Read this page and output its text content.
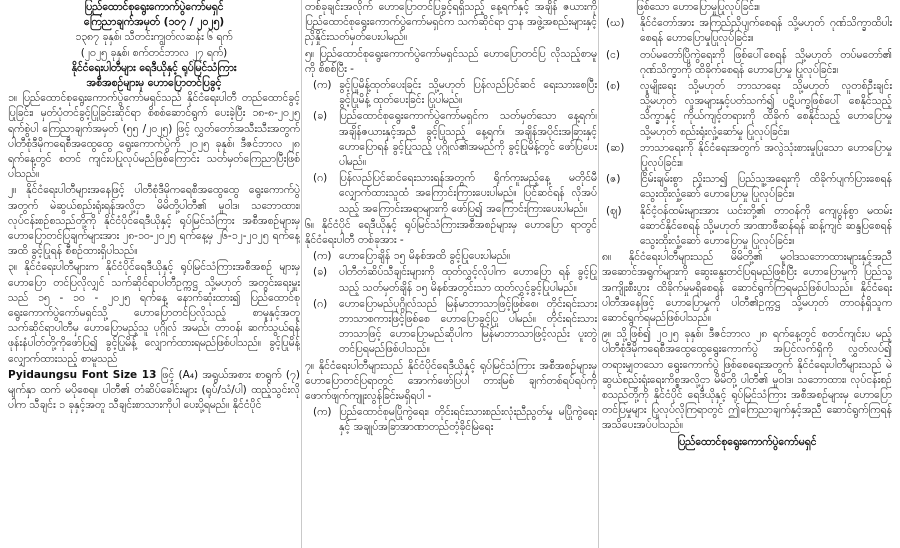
ပြည်ထောင်စုရွေးကောက်ပွဲကော်မရှင်
ကြေညာချက်အမှတ် (၁၀၇ / ၂၀၂၅)
၁၃၈၇ ခုနှစ်၊ သီတင်းကျွတ်လဆန်း ၆ ရက်
(၂၀၂၅ ခုနှစ်၊ စက်တင်ဘာလ ၂၇ ရက်)
နိုင်ငံရေးပါတီများ ရေဒီယိုနှင့် ရုပ်မြင်သံကြား
အစီအစဉ်များမှ ဟောပြောတင်ပြခွင့်

၁။ ပြည်ထောင်စုရွေးကောက်ပွဲကော်မရှင်သည် နိုင်ငံရေးပါတီ တည်ထောင်ခွင့်ပြုခြင်း၊ မှတ်ပုံတင်ခွင့်ပြုခြင်းဆိုင်ရာ စိစစ်ဆောင်ရွက် ပေးခဲ့ပြီး ၁၈-၈-၂၀၂၅ ရက်စွဲပါ ကြေညာချက်အမှတ် (၅၅ /၂၀၂၅) ဖြင့် လွှတ်တော်အသီးသီးအတွက် ပါတီစုံဒီမိုကရေစီအထွေထွေ ရွေးကောက်ပွဲကို ၂၀၂၅ ခုနှစ်၊ ဒီဇင်ဘာလ ၂၈ ရက်နေ့တွင် စတင် ကျင်းပပြုလုပ်မည်ဖြစ်ကြောင်း သတ်မှတ်ကြေညာပြီးဖြစ်ပါသည်။

၂။ နိုင်ငံရေးပါတီများအနေဖြင့် ပါတီစုံဒီမိုကရေစီအထွေထွေ ရွေးကောက်ပွဲအတွက် မဲဆွယ်စည်းရုံးရန်အလို့ငှာ မိမိတို့ပါတီ၏ မူဝါဒ၊ သဘောထား၊ လုပ်ငန်းစဉ်စသည်တို့ကို နိုင်ငံပိုင်ရေဒီယိုနှင့် ရုပ်မြင်သံကြား အစီအစဉ်များမှ ဟောပြောတင်ပြချက်များအား ၂၈-၁၀-၂၀၂၅ ရက်နေ့မှ ၂၆-၁၂-၂၀၂၅ ရက်နေ့အထိ ခွင့်ပြုရန် စီစဉ်ထားရှိပါသည်။

၃။ နိုင်ငံရေးပါတီများက နိုင်ငံပိုင်ရေဒီယိုနှင့် ရုပ်မြင်သံကြားအစီအစဉ် များမှ ဟောပြော တင်ပြလိုလျှင် သက်ဆိုင်ရာပါတီဥက္ကဋ္ဌ သို့မဟုတ် အတွင်းရေးမှူးသည် ၁၅ - ၁၀ - ၂၀၂၅ ရက်နေ့ နောက်ဆုံးထား၍ ပြည်ထောင်စုရွေးကောက်ပွဲကော်မရှင်သို့ ဟောပြောတင်ပြလိုသည့် စာမူနှင့်အတူ သက်ဆိုင်ရာပါတီမှ ဟောပြောမည့်သူ ပုဂ္ဂိုလ် အမည်၊ တာဝန်၊ ဆက်သွယ်ရန် ဖုန်းနံပါတ်တို့ကိုဖော်ပြ၍ ခွင့်ပြုမိန့် လျှောက်ထားရမည်ဖြစ်ပါသည်။ ခွင့်ပြုမိန့် လျှောက်ထားသည့် စာမူသည်

Pyidaungsu Font Size 13 ဖြင့် (A₄) အရွယ်အစား စာရွက် (၇) မျက်နှာ ထက် မပိုစေရ။ ပါတီ၏ တံဆိပ်ခေါင်းများ (ရုပ်/သံ/ပါ) ထည့်သွင်းလိုပါက သီချင်း ၁ ခုနှင့်အတူ သီချင်းစာသားကိုပါ ပေးပို့ရမည်။ နိုင်ငံပိုင်

တစ်ခုချင်းအလိုက် ဟောပြောတင်ပြခွင့်ရရှိသည့် နေ့ရက်နှင့် အချိန် ဇယားကို ပြည်ထောင်စုရွေးကောက်ပွဲကော်မရှင်က သက်ဆိုင်ရာ ဌာန အဖွဲ့အစည်းများနှင့် ညှိနှိုင်းသတ်မှတ်ပေးပါမည်။

၅။ ပြည်ထောင်စုရွေးကောက်ပွဲကော်မရှင်သည် ဟောပြောတင်ပြ လိုသည့်စာမူကို စိစစ်ပြီး -

(က) ခွင့်ပြုမိန့်ထုတ်ပေးခြင်း သို့မဟုတ် ပြန်လည်ပြင်ဆင် ရေးသားစေပြီး ခွင့်ပြုမိန့် ထုတ်ပေးခြင်း ပြုပါမည်။
(ခ)	ပြည်ထောင်စုရွေးကောက်ပွဲကော်မရှင်က သတ်မှတ်သော နေ့ရက်၊ အချိန်ဇယားနှင့်အညီ ခွင့်ပြုသည့် နေ့ရက်၊ အချိန်အပိုင်းအခြားနှင့် ဟောပြောရန် ခွင့်ပြုသည့် ပုဂ္ဂိုလ်၏အမည်ကို ခွင့်ပြုမိန့်တွင် ဖော်ပြပေးပါမည်။
(ဂ)	ပြန်လည်ပြင်ဆင်ရေးသားရန်အတွက် ရိုက်ကူးမည့်နေ့ မတိုင်မီ လျှောက်ထားသူထံ အကြောင်းကြားပေးပါမည်။ ပြင်ဆင်ရန် လိုအပ်သည့် အကြောင်းအရာများကို ဖော်ပြ၍ အကြောင်းကြားပေးပါမည်။

၆။ နိုင်ငံပိုင် ရေဒီယိုနှင့် ရုပ်မြင်သံကြားအစီအစဉ်များမှ ဟောပြော ရာတွင် နိုင်ငံရေးပါတီ တစ်ခုအား -

(က) ဟောပြောချိန် ၁၅ မိနစ်အထိ ခွင့်ပြုပေးပါမည်။
(ခ)	ပါတီတံဆိပ်သီချင်းများကို ထုတ်လွှင့်လိုပါက ဟောပြော ရန် ခွင့်ပြုသည့် သတ်မှတ်ချိန် ၁၅ မိနစ်အတွင်းသာ ထုတ်လွှင့်ခွင့်ပြုပါမည်။
(ဂ)	ဟောပြောမည်ပုဂ္ဂိုလ်သည် မြန်မာဘာသာဖြင့်ဖြစ်စေ၊ တိုင်းရင်းသားဘာသာစကားဖြင့်ဖြစ်စေ ဟောပြောခွင့်ပြု ပါမည်။ တိုင်းရင်းသားဘာသာဖြင့် ဟောပြောမည်ဆိုပါက မြန်မာဘာသာဖြင့်လည်း ပူးတွဲတင်ပြရမည်ဖြစ်ပါသည်။

၇။ နိုင်ငံရေးပါတီများသည် နိုင်ငံပိုင်ရေဒီယိုနှင့် ရုပ်မြင်သံကြား အစီအစဉ်များမှ ဟောပြောတင်ပြရာတွင် အောက်ဖော်ပြပါ တားမြစ် ချက်တစ်ရပ်ရပ်ကို ဖောက်ဖျက်ကျူးလွန်ခြင်းမရှိရပါ -

(က) ပြည်ထောင်စုမပြိုကွဲရေး၊ တိုင်းရင်းသားစည်းလုံးညီညွတ်မှု မပြိုကွဲရေးနှင့် အချုပ်အခြာအာဏာတည်တံ့ခိုင်မြဲရေး

ဖြစ်သော ဟောပြောမှုပြုလုပ်ခြင်း။

(ဃ)	နိုင်ငံတော်အား အကြည်ညိုပျက်စေရန် သို့မဟုတ် ဂုဏ်သိက္ခာထိပါးစေရန် ဟောပြောမှုပြုလုပ်ခြင်း။
(င)	တပ်မတော်ပြိုကွဲရေးကို ဖြစ်ပေါ်စေရန် သို့မဟုတ် တပ်မတော်၏ ဂုဏ်သိက္ခာကို ထိခိုက်စေရန် ဟောပြောမှု ပြုလုပ်ခြင်း။
(စ)	လူမျိုးရေး သို့မဟုတ် ဘာသာရေး သို့မဟုတ် လူတစ်ဦးချင်း သို့မဟုတ် လူအများနှင့်ပတ်သက်၍ ပဋိပက္ခဖြစ်ပေါ် စေနိုင်သည့် သိက္ခာနှင့် ကိုယ်ကျင့်တရားကို ထိခိုက် စေနိုင်သည့် ဟောပြောမှု သို့မဟုတ် စည်းရုံးလှုံ့ဆော်မှု ပြုလုပ်ခြင်း။
(ဆ)	ဘာသာရေးကို နိုင်ငံရေးအတွက် အလွဲသုံးစားမှုပြုသော ဟောပြောမှုပြုလုပ်ခြင်း။
(ဇ)	ငြိမ်းချမ်းစွာ ညှိုးသာ၍ ပြည်သူ့အရေးကို ထိခိုက်ပျက်ပြားစေရန် သွေးထိုးလှုံ့ဆော် ဟောပြောမှု ပြုလုပ်ခြင်း။
(ဈ)	နိုင်ငံ့ဝန်ထမ်းများအား ယင်းတို့၏ တာဝန်ကို ကျေပွန်စွာ မထမ်းဆောင်နိုင်စေရန် သို့မဟုတ် အာဏာဖီဆန်ရန် ဆန့်ကျင် ဆန္ဒပြစေရန် သွေးထိုးလှုံ့ဆော် ဟောပြောမှု ပြုလုပ်ခြင်း။

၈။ နိုင်ငံရေးပါတီများသည် မိမိတို့၏ မူဝါဒသဘောထားများနှင့်အညီ အဆောင်အရွက်များကို ဆွေးနွေးတင်ပြရမည်ဖြစ်ပြီး ဟောပြောမှုကို ပြည်သူ့အကျိုးစီးပွား ထိခိုက်မှုမရှိစေရန် ဆောင်ရွက်ကြရမည်ဖြစ်ပါသည်။ နိုင်ငံရေးပါတီအနေဖြင့် ဟောပြောမှုကို ပါတီ၏ဥက္ကဋ္ဌ သို့မဟုတ် တာဝန်ရှိသူက ဆောင်ရွက်ရမည်ဖြစ်ပါသည်။

၉။ သို့ဖြစ်၍ ၂၀၂၅ ခုနှစ်၊ ဒီဇင်ဘာလ ၂၈ ရက်နေ့တွင် စတင်ကျင်းပ မည့် ပါတီစုံဒီမိုကရေစီအထွေထွေရွေးကောက်ပွဲ အပြင်လက်ရှိကို လွှတ်လပ်၍ တရားမျှတသော ရွေးကောက်ပွဲ ဖြစ်စေရေးအတွက် နိုင်ငံရေးပါတီများသည် မဲဆွယ်စည်းရုံးရေးကိစ္စအလို့ငှာ မိမိတို့ ပါတီ၏ မူဝါဒ၊ သဘောထား၊ လုပ်ငန်းစဉ် စသည်တို့ကို နိုင်ငံပိုင် ရေဒီယိုနှင့် ရုပ်မြင်သံကြား အစီအစဉ်များမှ ဟောပြောတင်ပြမှုများ ပြုလုပ်လိုကြရာတွင် ဤကြေညာချက်နှင့်အညီ ဆောင်ရွက်ကြရန် အသိပေးအပ်ပါသည်။

ပြည်ထောင်စုရွေးကောက်ပွဲကော်မရှင်
